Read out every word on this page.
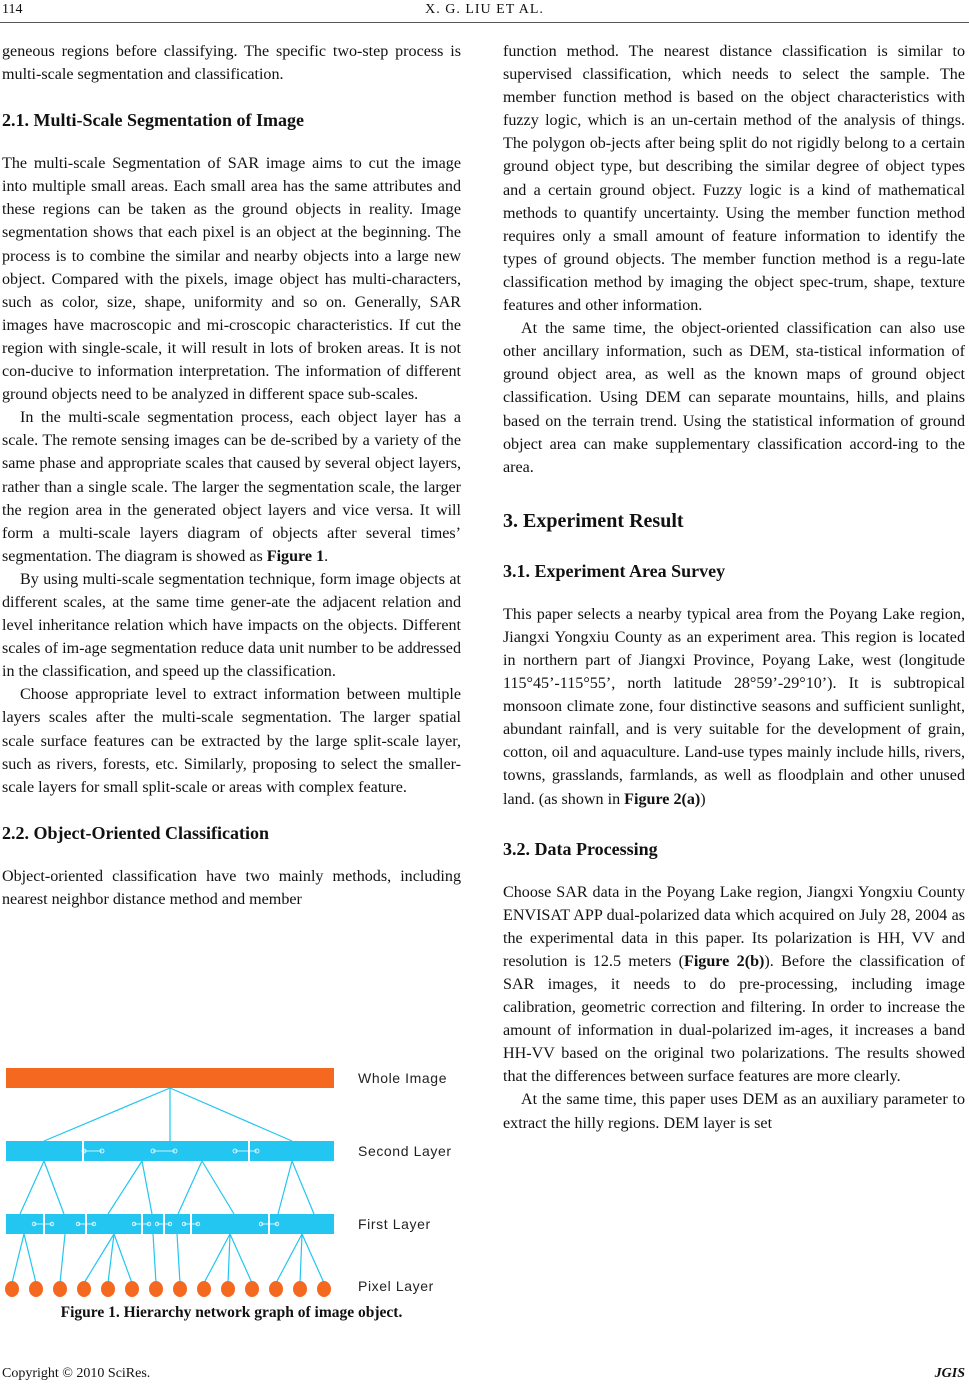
114	X. G. LIU ET AL.

geneous regions before classifying. The specific two-step process is multi-scale segmentation and classification.

2.1. Multi-Scale Segmentation of Image

The multi-scale Segmentation of SAR image aims to cut the image into multiple small areas. Each small area has the same attributes and these regions can be taken as the ground objects in reality. Image segmentation shows that each pixel is an object at the beginning. The process is to combine the similar and nearby objects into a large new object. Compared with the pixels, image object has multi-characters, such as color, size, shape, uniformity and so on. Generally, SAR images have macroscopic and mi-croscopic characteristics. If cut the region with single-scale, it will result in lots of broken areas. It is not con-ducive to information interpretation. The information of different ground objects need to be analyzed in different space sub-scales.

In the multi-scale segmentation process, each object layer has a scale. The remote sensing images can be de-scribed by a variety of the same phase and appropriate scales that caused by several object layers, rather than a single scale. The larger the segmentation scale, the larger the region area in the generated object layers and vice versa. It will form a multi-scale layers diagram of objects after several times’ segmentation. The diagram is showed as Figure 1.

By using multi-scale segmentation technique, form image objects at different scales, at the same time gener-ate the adjacent relation and level inheritance relation which have impacts on the objects. Different scales of im-age segmentation reduce data unit number to be addressed in the classification, and speed up the classification.

Choose appropriate level to extract information between multiple layers scales after the multi-scale segmentation. The larger spatial scale surface features can be extracted by the large split-scale layer, such as rivers, forests, etc. Similarly, proposing to select the smaller-scale layers for small split-scale or areas with complex feature.

2.2. Object-Oriented Classification

Object-oriented classification have two mainly methods, including nearest neighbor distance method and member

Whole Image
Second Layer
First Layer
Pixel Layer
Figure 1. Hierarchy network graph of image object.

function method. The nearest distance classification is similar to supervised classification, which needs to select the sample. The member function method is based on the object characteristics with fuzzy logic, which is an un-certain method of the analysis of things. The polygon ob-jects after being split do not rigidly belong to a certain ground object type, but describing the similar degree of object types and a certain ground object. Fuzzy logic is a kind of mathematical methods to quantify uncertainty. Using the member function method requires only a small amount of feature information to identify the types of ground objects. The member function method is a regu-late classification method by imaging the object spec-trum, shape, texture features and other information.

At the same time, the object-oriented classification can also use other ancillary information, such as DEM, sta-tistical information of ground object area, as well as the known maps of ground object classification. Using DEM can separate mountains, hills, and plains based on the terrain trend. Using the statistical information of ground object area can make supplementary classification accord-ing to the area.

3. Experiment Result
3.1. Experiment Area Survey

This paper selects a nearby typical area from the Poyang Lake region, Jiangxi Yongxiu County as an experiment area. This region is located in northern part of Jiangxi Province, Poyang Lake, west (longitude 115°45’-115°55’, north latitude 28°59’-29°10’). It is subtropical monsoon climate zone, four distinctive seasons and sufficient sunlight, abundant rainfall, and is very suitable for the development of grain, cotton, oil and aquaculture. Land-use types mainly include hills, rivers, towns, grasslands, farmlands, as well as floodplain and other unused land. (as shown in Figure 2(a))

3.2. Data Processing

Choose SAR data in the Poyang Lake region, Jiangxi Yongxiu County ENVISAT APP dual-polarized data which acquired on July 28, 2004 as the experimental data in this paper. Its polarization is HH, VV and resolution is 12.5 meters (Figure 2(b)). Before the classification of SAR images, it needs to do pre-processing, including image calibration, geometric correction and filtering. In order to increase the amount of information in dual-polarized im-ages, it increases a band HH-VV based on the original two polarizations. The results showed that the differences between surface features are more clearly.

At the same time, this paper uses DEM as an auxiliary parameter to extract the hilly regions. DEM layer is set

Copyright © 2010 SciRes.	JGIS
